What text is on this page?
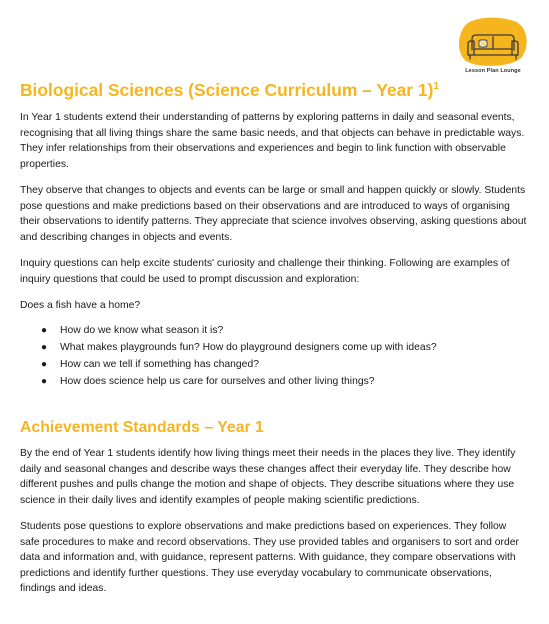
Lesson Plan Lounge
Biological Sciences (Science Curriculum – Year 1)$^1$

In Year 1 students extend their understanding of patterns by exploring patterns in daily and seasonal events, recognising that all living things share the same basic needs, and that objects can behave in predictable ways. They infer relationships from their observations and experiences and begin to link function with observable properties.

They observe that changes to objects and events can be large or small and happen quickly or slowly. Students pose questions and make predictions based on their observations and are introduced to ways of organising their observations to identify patterns. They appreciate that science involves observing, asking questions about and describing changes in objects and events.

Inquiry questions can help excite students' curiosity and challenge their thinking. Following are examples of inquiry questions that could be used to prompt discussion and exploration:

Does a fish have a home?

● How do we know what season it is?
● What makes playgrounds fun? How do playground designers come up with ideas?
● How can we tell if something has changed?
● How does science help us care for ourselves and other living things?
Achievement Standards – Year 1

By the end of Year 1 students identify how living things meet their needs in the places they live. They identify daily and seasonal changes and describe ways these changes affect their everyday life. They describe how different pushes and pulls change the motion and shape of objects. They describe situations where they use science in their daily lives and identify examples of people making scientific predictions.

Students pose questions to explore observations and make predictions based on experiences. They follow safe procedures to make and record observations. They use provided tables and organisers to sort and order data and information and, with guidance, represent patterns. With guidance, they compare observations with predictions and identify further questions. They use everyday vocabulary to communicate observations, findings and ideas.
